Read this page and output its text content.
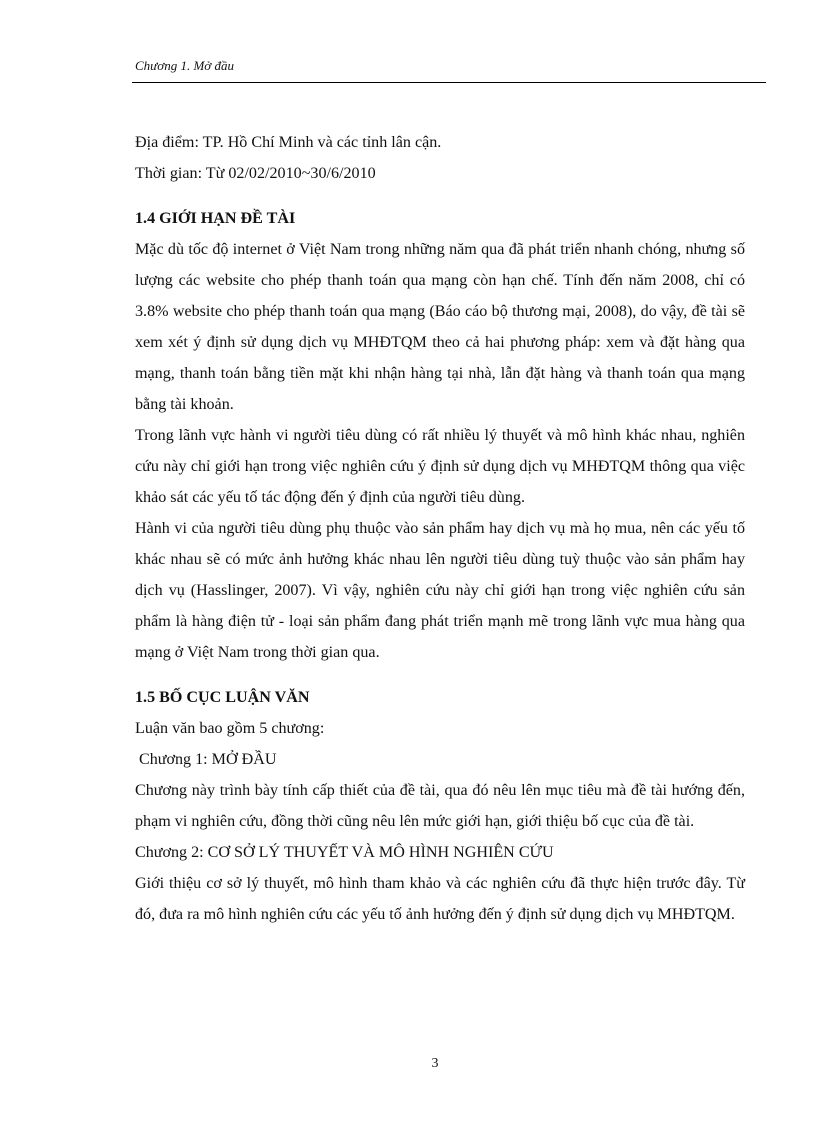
Chương 1. Mở đầu

Địa điểm: TP. Hồ Chí Minh và các tỉnh lân cận.

Thời gian: Từ 02/02/2010~30/6/2010

1.4 GIỚI HẠN ĐỀ TÀI

Mặc dù tốc độ internet ở Việt Nam trong những năm qua đã phát triển nhanh chóng, nhưng số lượng các website cho phép thanh toán qua mạng còn hạn chế. Tính đến năm 2008, chỉ có 3.8% website cho phép thanh toán qua mạng (Báo cáo bộ thương mại, 2008), do vậy, đề tài sẽ xem xét ý định sử dụng dịch vụ MHĐTQM theo cả hai phương pháp: xem và đặt hàng qua mạng, thanh toán bằng tiền mặt khi nhận hàng tại nhà, lẫn đặt hàng và thanh toán qua mạng bằng tài khoản.

Trong lãnh vực hành vi người tiêu dùng có rất nhiều lý thuyết và mô hình khác nhau, nghiên cứu này chỉ giới hạn trong việc nghiên cứu ý định sử dụng dịch vụ MHĐTQM thông qua việc khảo sát các yếu tố tác động đến ý định của người tiêu dùng.

Hành vi của người tiêu dùng phụ thuộc vào sản phẩm hay dịch vụ mà họ mua, nên các yếu tố khác nhau sẽ có mức ảnh hưởng khác nhau lên người tiêu dùng tuỳ thuộc vào sản phẩm hay dịch vụ (Hasslinger, 2007). Vì vậy, nghiên cứu này chỉ giới hạn trong việc nghiên cứu sản phẩm là hàng điện tử - loại sản phẩm đang phát triển mạnh mẽ trong lãnh vực mua hàng qua mạng ở Việt Nam trong thời gian qua.

1.5 BỐ CỤC LUẬN VĂN

Luận văn bao gồm 5 chương:

Chương 1: MỞ ĐẦU

Chương này trình bày tính cấp thiết của đề tài, qua đó nêu lên mục tiêu mà đề tài hướng đến, phạm vi nghiên cứu, đồng thời cũng nêu lên mức giới hạn, giới thiệu bố cục của đề tài.

Chương 2: CƠ SỞ LÝ THUYẾT VÀ MÔ HÌNH NGHIÊN CỨU

Giới thiệu cơ sở lý thuyết, mô hình tham khảo và các nghiên cứu đã thực hiện trước đây. Từ đó, đưa ra mô hình nghiên cứu các yếu tố ảnh hưởng đến ý định sử dụng dịch vụ MHĐTQM.

3
